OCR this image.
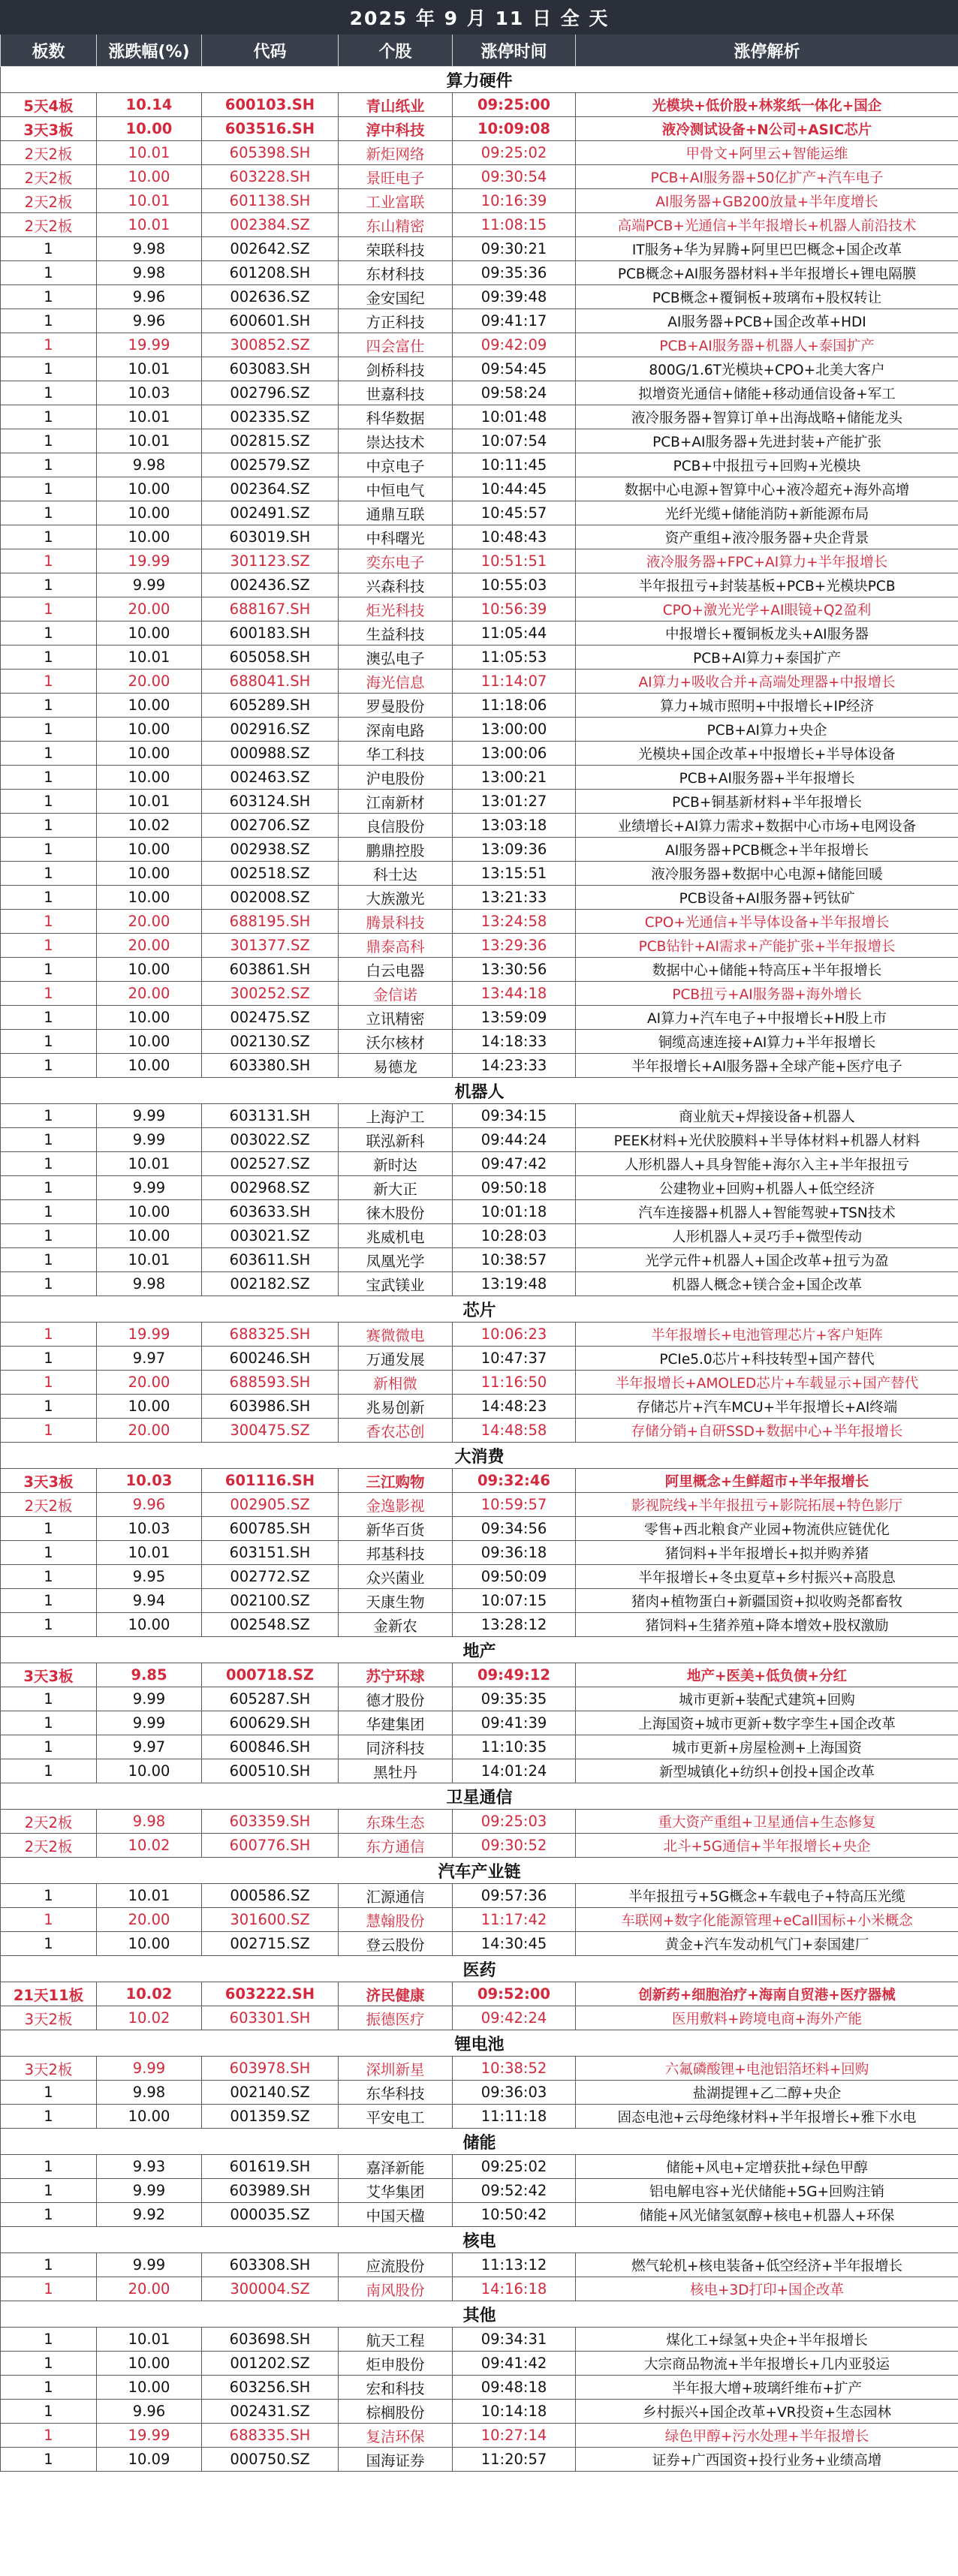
2025 年 9 月 11 日 全 天					
板数	涨跌幅(%)	代码	个股	涨停时间	涨停解析
算力硬件					
5天4板	10.14	600103.SH	青山纸业	09:25:00	光模块+低价股+林浆纸一体化+国企
3天3板	10.00	603516.SH	淳中科技	10:09:08	液冷测试设备+N公司+ASIC芯片
2天2板	10.01	605398.SH	新炬网络	09:25:02	甲骨文+阿里云+智能运维
2天2板	10.00	603228.SH	景旺电子	09:30:54	PCB+AI服务器+50亿扩产+汽车电子
2天2板	10.01	601138.SH	工业富联	10:16:39	AI服务器+GB200放量+半年度增长
2天2板	10.01	002384.SZ	东山精密	11:08:15	高端PCB+光通信+半年报增长+机器人前沿技术
1	9.98	002642.SZ	荣联科技	09:30:21	IT服务+华为昇腾+阿里巴巴概念+国企改革
1	9.98	601208.SH	东材科技	09:35:36	PCB概念+AI服务器材料+半年报增长+锂电隔膜
1	9.96	002636.SZ	金安国纪	09:39:48	PCB概念+覆铜板+玻璃布+股权转让
1	9.96	600601.SH	方正科技	09:41:17	AI服务器+PCB+国企改革+HDI
1	19.99	300852.SZ	四会富仕	09:42:09	PCB+AI服务器+机器人+泰国扩产
1	10.01	603083.SH	剑桥科技	09:54:45	800G/1.6T光模块+CPO+北美大客户
1	10.03	002796.SZ	世嘉科技	09:58:24	拟增资光通信+储能+移动通信设备+军工
1	10.01	002335.SZ	科华数据	10:01:48	液冷服务器+智算订单+出海战略+储能龙头
1	10.01	002815.SZ	崇达技术	10:07:54	PCB+AI服务器+先进封装+产能扩张
1	9.98	002579.SZ	中京电子	10:11:45	PCB+中报扭亏+回购+光模块
1	10.00	002364.SZ	中恒电气	10:44:45	数据中心电源+智算中心+液冷超充+海外高增
1	10.00	002491.SZ	通鼎互联	10:45:57	光纤光缆+储能消防+新能源布局
1	10.00	603019.SH	中科曙光	10:48:43	资产重组+液冷服务器+央企背景
1	19.99	301123.SZ	奕东电子	10:51:51	液冷服务器+FPC+AI算力+半年报增长
1	9.99	002436.SZ	兴森科技	10:55:03	半年报扭亏+封装基板+PCB+光模块PCB
1	20.00	688167.SH	炬光科技	10:56:39	CPO+激光光学+AI眼镜+Q2盈利
1	10.00	600183.SH	生益科技	11:05:44	中报增长+覆铜板龙头+AI服务器
1	10.01	605058.SH	澳弘电子	11:05:53	PCB+AI算力+泰国扩产
1	20.00	688041.SH	海光信息	11:14:07	AI算力+吸收合并+高端处理器+中报增长
1	10.00	605289.SH	罗曼股份	11:18:06	算力+城市照明+中报增长+IP经济
1	10.00	002916.SZ	深南电路	13:00:00	PCB+AI算力+央企
1	10.00	000988.SZ	华工科技	13:00:06	光模块+国企改革+中报增长+半导体设备
1	10.00	002463.SZ	沪电股份	13:00:21	PCB+AI服务器+半年报增长
1	10.01	603124.SH	江南新材	13:01:27	PCB+铜基新材料+半年报增长
1	10.02	002706.SZ	良信股份	13:03:18	业绩增长+AI算力需求+数据中心市场+电网设备
1	10.00	002938.SZ	鹏鼎控股	13:09:36	AI服务器+PCB概念+半年报增长
1	10.00	002518.SZ	科士达	13:15:51	液冷服务器+数据中心电源+储能回暖
1	10.00	002008.SZ	大族激光	13:21:33	PCB设备+AI服务器+钙钛矿
1	20.00	688195.SH	腾景科技	13:24:58	CPO+光通信+半导体设备+半年报增长
1	20.00	301377.SZ	鼎泰高科	13:29:36	PCB钻针+AI需求+产能扩张+半年报增长
1	10.00	603861.SH	白云电器	13:30:56	数据中心+储能+特高压+半年报增长
1	20.00	300252.SZ	金信诺	13:44:18	PCB扭亏+AI服务器+海外增长
1	10.00	002475.SZ	立讯精密	13:59:09	AI算力+汽车电子+中报增长+H股上市
1	10.00	002130.SZ	沃尔核材	14:18:33	铜缆高速连接+AI算力+半年报增长
1	10.00	603380.SH	易德龙	14:23:33	半年报增长+AI服务器+全球产能+医疗电子
机器人					
1	9.99	603131.SH	上海沪工	09:34:15	商业航天+焊接设备+机器人
1	9.99	003022.SZ	联泓新科	09:44:24	PEEK材料+光伏胶膜料+半导体材料+机器人材料
1	10.01	002527.SZ	新时达	09:47:42	人形机器人+具身智能+海尔入主+半年报扭亏
1	9.99	002968.SZ	新大正	09:50:18	公建物业+回购+机器人+低空经济
1	10.00	603633.SH	徕木股份	10:01:18	汽车连接器+机器人+智能驾驶+TSN技术
1	10.00	003021.SZ	兆威机电	10:28:03	人形机器人+灵巧手+微型传动
1	10.01	603611.SH	凤凰光学	10:38:57	光学元件+机器人+国企改革+扭亏为盈
1	9.98	002182.SZ	宝武镁业	13:19:48	机器人概念+镁合金+国企改革
芯片					
1	19.99	688325.SH	赛微微电	10:06:23	半年报增长+电池管理芯片+客户矩阵
1	9.97	600246.SH	万通发展	10:47:37	PCIe5.0芯片+科技转型+国产替代
1	20.00	688593.SH	新相微	11:16:50	半年报增长+AMOLED芯片+车载显示+国产替代
1	10.00	603986.SH	兆易创新	14:48:23	存储芯片+汽车MCU+半年报增长+AI终端
1	20.00	300475.SZ	香农芯创	14:48:58	存储分销+自研SSD+数据中心+半年报增长
大消费					
3天3板	10.03	601116.SH	三江购物	09:32:46	阿里概念+生鲜超市+半年报增长
2天2板	9.96	002905.SZ	金逸影视	10:59:57	影视院线+半年报扭亏+影院拓展+特色影厅
1	10.03	600785.SH	新华百货	09:34:56	零售+西北粮食产业园+物流供应链优化
1	10.01	603151.SH	邦基科技	09:36:18	猪饲料+半年报增长+拟并购养猪
1	9.95	002772.SZ	众兴菌业	09:50:09	半年报增长+冬虫夏草+乡村振兴+高股息
1	9.94	002100.SZ	天康生物	10:07:15	猪肉+植物蛋白+新疆国资+拟收购尧都畜牧
1	10.00	002548.SZ	金新农	13:28:12	猪饲料+生猪养殖+降本增效+股权激励
地产					
3天3板	9.85	000718.SZ	苏宁环球	09:49:12	地产+医美+低负债+分红
1	9.99	605287.SH	德才股份	09:35:35	城市更新+装配式建筑+回购
1	9.99	600629.SH	华建集团	09:41:39	上海国资+城市更新+数字孪生+国企改革
1	9.97	600846.SH	同济科技	11:10:35	城市更新+房屋检测+上海国资
1	10.00	600510.SH	黑牡丹	14:01:24	新型城镇化+纺织+创投+国企改革
卫星通信					
2天2板	9.98	603359.SH	东珠生态	09:25:03	重大资产重组+卫星通信+生态修复
2天2板	10.02	600776.SH	东方通信	09:30:52	北斗+5G通信+半年报增长+央企
汽车产业链					
1	10.01	000586.SZ	汇源通信	09:57:36	半年报扭亏+5G概念+车载电子+特高压光缆
1	20.00	301600.SZ	慧翰股份	11:17:42	车联网+数字化能源管理+eCall国标+小米概念
1	10.00	002715.SZ	登云股份	14:30:45	黄金+汽车发动机气门+泰国建厂
医药					
21天11板	10.02	603222.SH	济民健康	09:52:00	创新药+细胞治疗+海南自贸港+医疗器械
3天2板	10.02	603301.SH	振德医疗	09:42:24	医用敷料+跨境电商+海外产能
锂电池					
3天2板	9.99	603978.SH	深圳新星	10:38:52	六氟磷酸锂+电池铝箔坯料+回购
1	9.98	002140.SZ	东华科技	09:36:03	盐湖提锂+乙二醇+央企
1	10.00	001359.SZ	平安电工	11:11:18	固态电池+云母绝缘材料+半年报增长+雅下水电
储能					
1	9.93	601619.SH	嘉泽新能	09:25:02	储能+风电+定增获批+绿色甲醇
1	9.99	603989.SH	艾华集团	09:52:42	铝电解电容+光伏储能+5G+回购注销
1	9.92	000035.SZ	中国天楹	10:50:42	储能+风光储氢氨醇+核电+机器人+环保
核电					
1	9.99	603308.SH	应流股份	11:13:12	燃气轮机+核电装备+低空经济+半年报增长
1	20.00	300004.SZ	南风股份	14:16:18	核电+3D打印+国企改革
其他					
1	10.01	603698.SH	航天工程	09:34:31	煤化工+绿氢+央企+半年报增长
1	10.00	001202.SZ	炬申股份	09:41:42	大宗商品物流+半年报增长+几内亚驳运
1	10.00	603256.SH	宏和科技	09:48:18	半年报大增+玻璃纤维布+扩产
1	9.96	002431.SZ	棕榈股份	10:14:18	乡村振兴+国企改革+VR投资+生态园林
1	19.99	688335.SH	复洁环保	10:27:14	绿色甲醇+污水处理+半年报增长
1	10.09	000750.SZ	国海证券	11:20:57	证券+广西国资+投行业务+业绩高增
